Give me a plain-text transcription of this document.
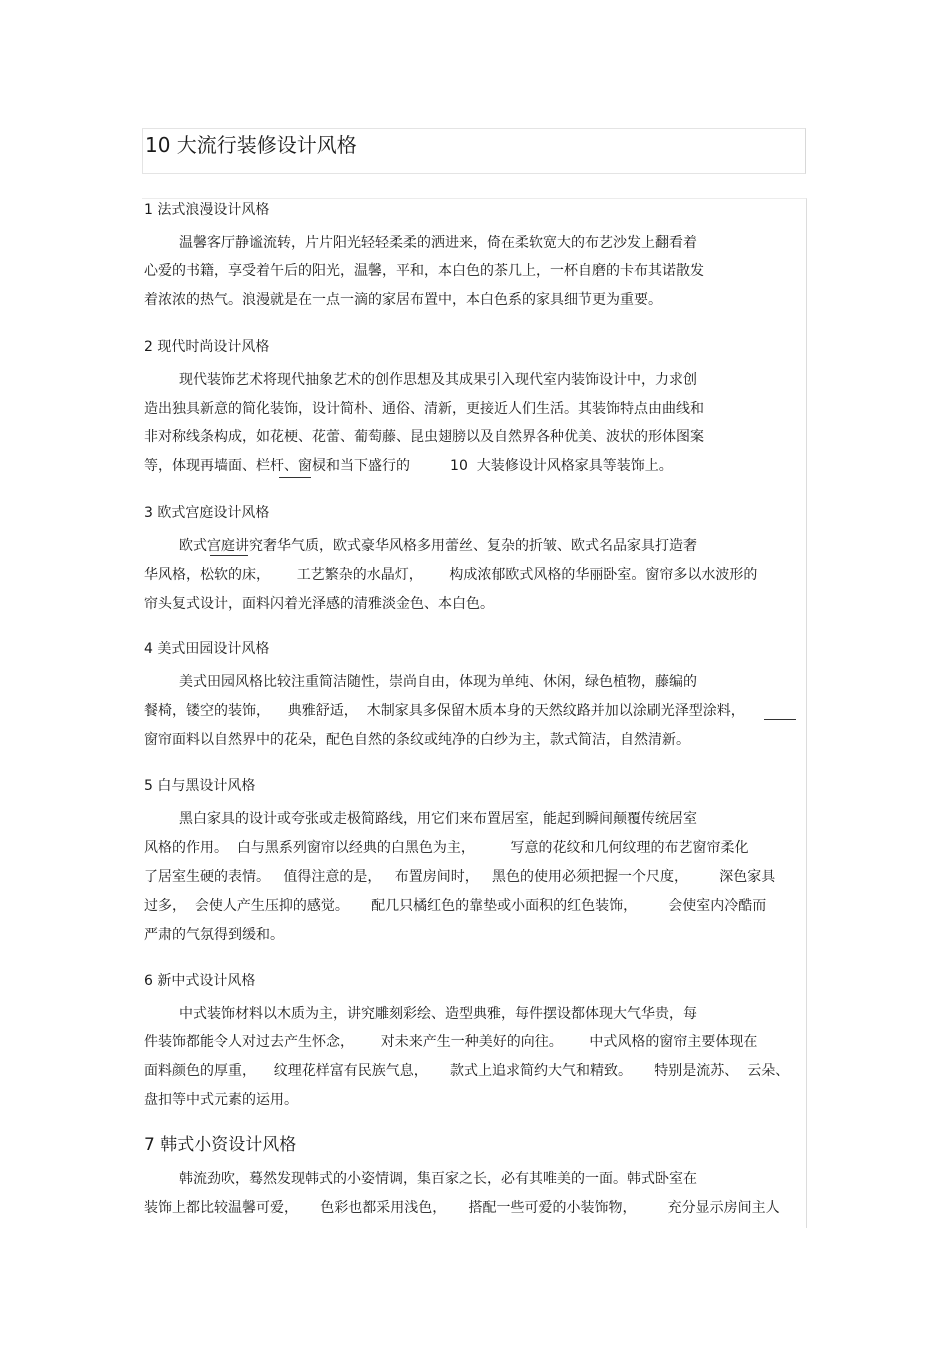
10 大流行装修设计风格
1 法式浪漫设计风格
温馨客厅静谧流转，片片阳光轻轻柔柔的洒进来，倚在柔软宽大的布艺沙发上翻看着
心爱的书籍，享受着午后的阳光，温馨，平和，本白色的茶几上，一杯自磨的卡布其诺散发
着浓浓的热气。浪漫就是在一点一滴的家居布置中，本白色系的家具细节更为重要。
2 现代时尚设计风格
现代装饰艺术将现代抽象艺术的创作思想及其成果引入现代室内装饰设计中，力求创
造出独具新意的简化装饰，设计简朴、通俗、清新，更接近人们生活。其装饰特点由曲线和
非对称线条构成，如花梗、花蕾、葡萄藤、昆虫翅膀以及自然界各种优美、波状的形体图案
等，体现再墙面、栏杆、窗棂和当下盛行的         10  大装修设计风格家具等装饰上。
3 欧式宫庭设计风格
欧式宫庭讲究奢华气质，欧式豪华风格多用蕾丝、复杂的折皱、欧式名品家具打造奢
华风格，松软的床，      工艺繁杂的水晶灯，      构成浓郁欧式风格的华丽卧室。窗帘多以水波形的
帘头复式设计，面料闪着光泽感的清雅淡金色、本白色。
4 美式田园设计风格
美式田园风格比较注重简洁随性，崇尚自由，体现为单纯、休闲，绿色植物，藤编的
餐椅，镂空的装饰，    典雅舒适，  木制家具多保留木质本身的天然纹路并加以涂刷光泽型涂料，
窗帘面料以自然界中的花朵，配色自然的条纹或纯净的白纱为主，款式简洁，自然清新。
5 白与黑设计风格
黑白家具的设计或夸张或走极简路线，用它们来布置居室，能起到瞬间颠覆传统居室
风格的作用。  白与黑系列窗帘以经典的白黑色为主，        写意的花纹和几何纹理的布艺窗帘柔化
了居室生硬的表情。   值得注意的是，   布置房间时，   黑色的使用必须把握一个尺度，       深色家具
过多，  会使人产生压抑的感觉。     配几只橘红色的靠垫或小面积的红色装饰，       会使室内冷酷而
严肃的气氛得到缓和。
6 新中式设计风格
中式装饰材料以木质为主，讲究雕刻彩绘、造型典雅，每件摆设都体现大气华贵，每
件装饰都能令人对过去产生怀念，      对未来产生一种美好的向往。      中式风格的窗帘主要体现在
面料颜色的厚重，    纹理花样富有民族气息，     款式上追求简约大气和精致。     特别是流苏、  云朵、
盘扣等中式元素的运用。
7 韩式小资设计风格
韩流劲吹，蓦然发现韩式的小姿情调，集百家之长，必有其唯美的一面。韩式卧室在
装饰上都比较温馨可爱，     色彩也都采用浅色，     搭配一些可爱的小装饰物，       充分显示房间主人
